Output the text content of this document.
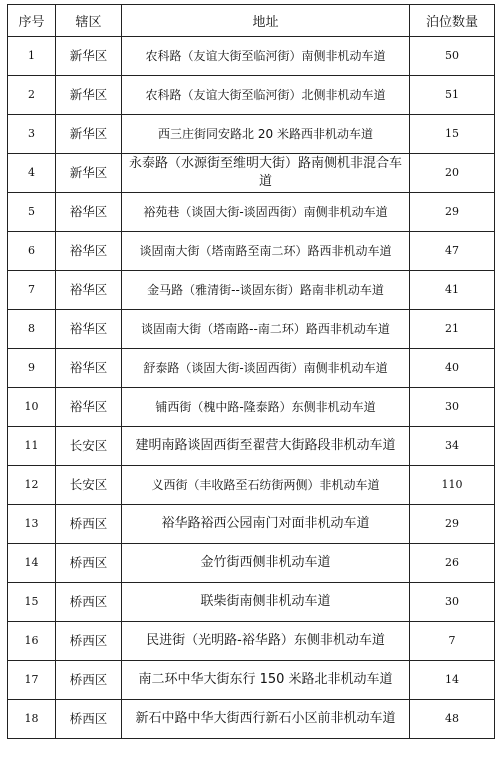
序号	辖区	地址	泊位数量
1	新华区	农科路（友谊大街至临河街）南侧非机动车道	50
2	新华区	农科路（友谊大街至临河街）北侧非机动车道	51
3	新华区	西三庄街同安路北 20 米路西非机动车道	15
4	新华区	永泰路（水源街至维明大街）路南侧机非混合车道	20
5	裕华区	裕苑巷（谈固大街-谈固西街）南侧非机动车道	29
6	裕华区	谈固南大街（塔南路至南二环）路西非机动车道	47
7	裕华区	金马路（雅清街--谈固东街）路南非机动车道	41
8	裕华区	谈固南大街（塔南路--南二环）路西非机动车道	21
9	裕华区	舒泰路（谈固大街-谈固西街）南侧非机动车道	40
10	裕华区	铺西街（槐中路-隆泰路）东侧非机动车道	30
11	长安区	建明南路谈固西街至翟营大街路段非机动车道	34
12	长安区	义西街（丰收路至石纺街两侧）非机动车道	110
13	桥西区	裕华路裕西公园南门对面非机动车道	29
14	桥西区	金竹街西侧非机动车道	26
15	桥西区	联柴街南侧非机动车道	30
16	桥西区	民进街（光明路-裕华路）东侧非机动车道	7
17	桥西区	南二环中华大街东行 150 米路北非机动车道	14
18	桥西区	新石中路中华大街西行新石小区前非机动车道	48
